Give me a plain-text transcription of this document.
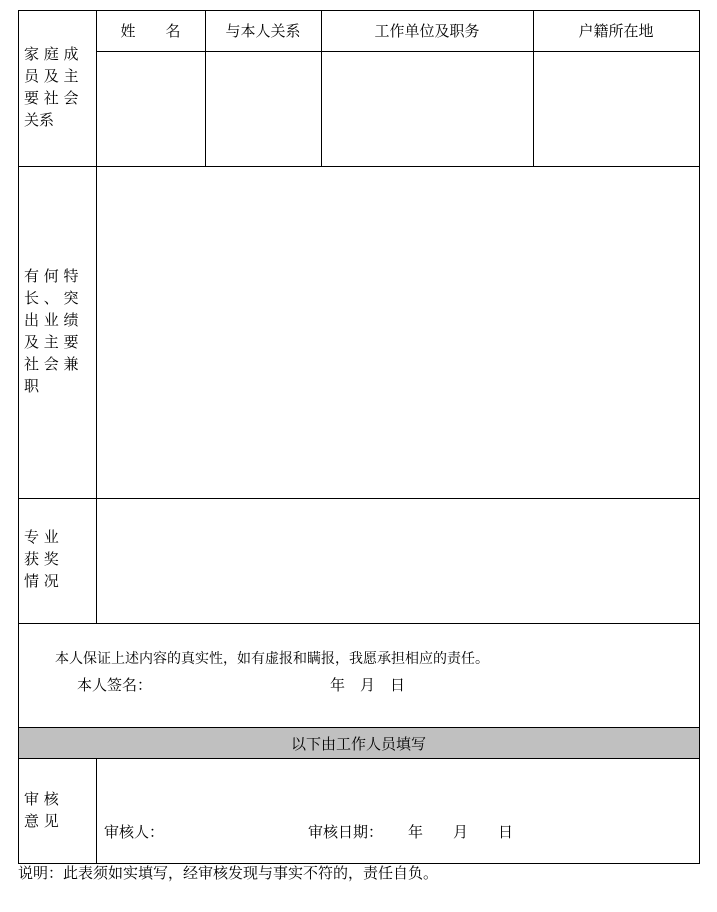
家 庭 成
员 及 主
要 社 会
关系
姓　　名	与本人关系	工作单位及职务	户籍所在地
有 何 特
长 、 突
出 业 绩
及 主 要
社 会 兼
职
专 业
获 奖
情 况
本人保证上述内容的真实性，如有虚报和瞒报，我愿承担相应的责任。
本人签名：	年　月　日
以下由工作人员填写
审 核
意 见
审核人：	审核日期： 年　　月　　日
说明：此表须如实填写，经审核发现与事实不符的，责任自负。
